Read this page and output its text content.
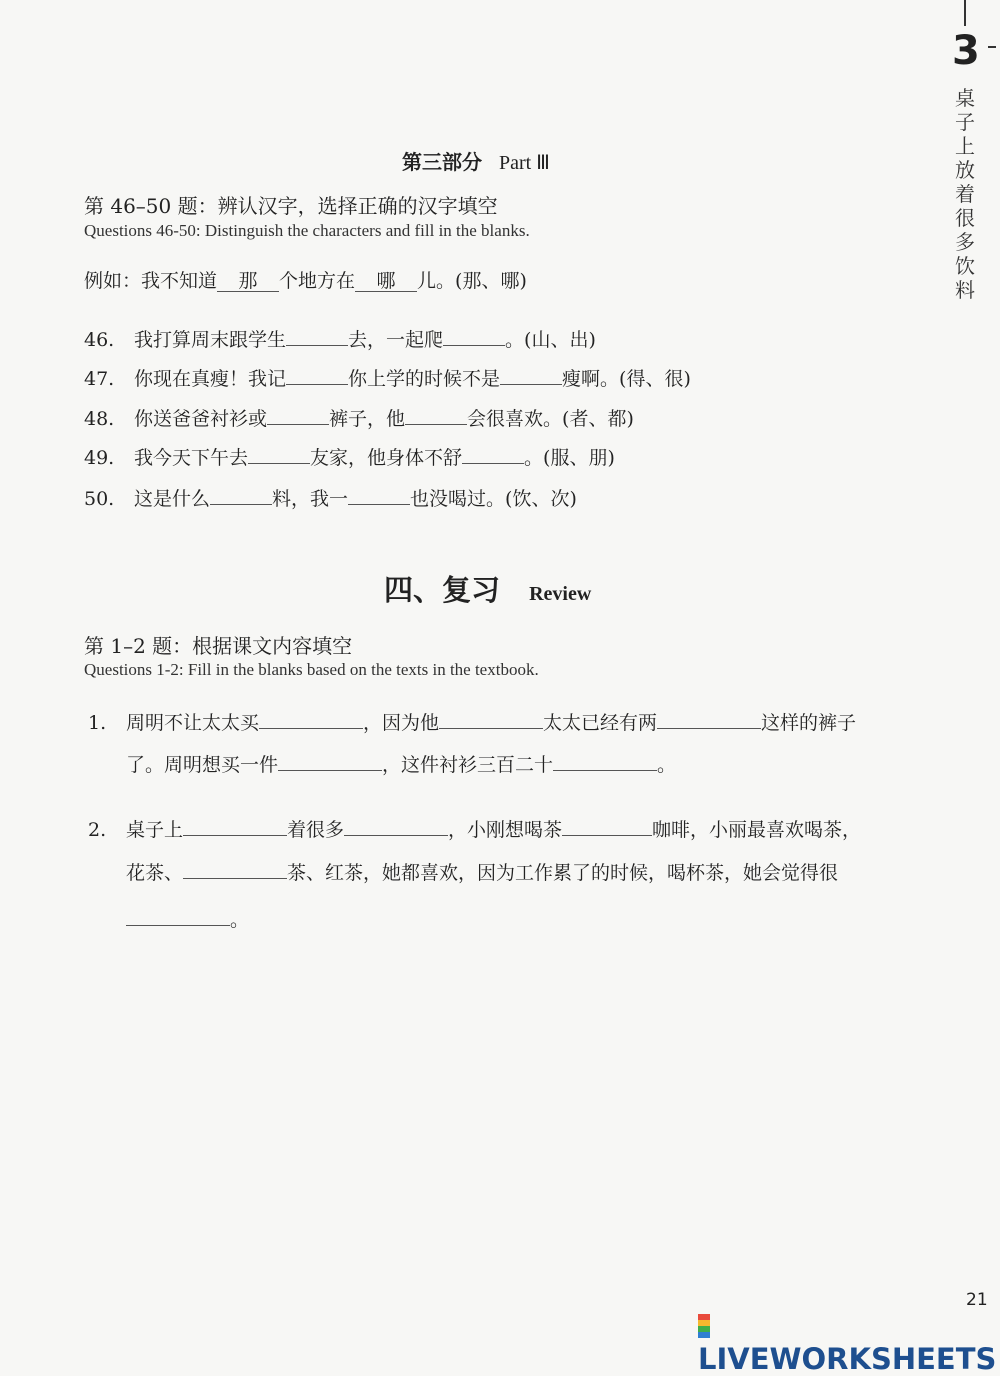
3
桌子上放着很多饮料
第三部分 Part Ⅲ
第 46–50 题：辨认汉字，选择正确的汉字填空
Questions 46-50: Distinguish the characters and fill in the blanks.
例如：我不知道 那 个地方在 哪 儿。(那、哪)
46. 我打算周末跟学生	去，一起爬	。(山、出)
47. 你现在真瘦！我记	你上学的时候不是	瘦啊。(得、很)
48. 你送爸爸衬衫或	裤子，他	会很喜欢。(者、都)
49. 我今天下午去	友家，他身体不舒	。(服、朋)
50. 这是什么	料，我一	也没喝过。(饮、次)
四、复习 Review
第 1–2 题：根据课文内容填空
Questions 1-2: Fill in the blanks based on the texts in the textbook.
1. 周明不让太太买	，因为他	太太已经有两	这样的裤子
了。周明想买一件	，这件衬衫三百二十	。
2. 桌子上	着很多	，小刚想喝茶	咖啡，小丽最喜欢喝茶，
花茶、	茶、红茶，她都喜欢，因为工作累了的时候，喝杯茶，她会觉得很
。
21
LIVEWORKSHEETS
